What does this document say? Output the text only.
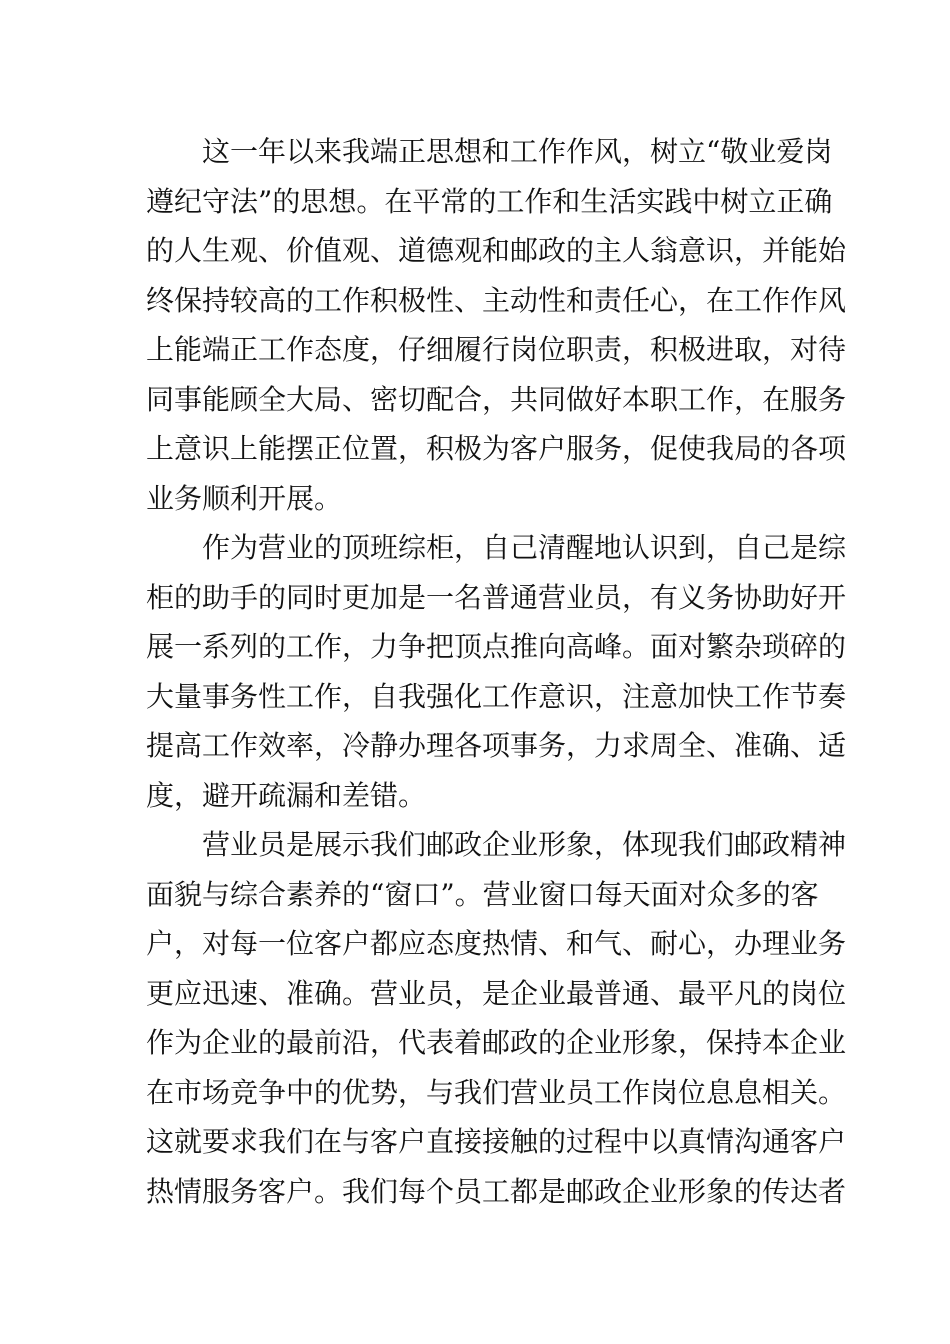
这一年以来我端正思想和工作作风，树立“敬业爱岗
遵纪守法”的思想。在平常的工作和生活实践中树立正确
的人生观、价值观、道德观和邮政的主人翁意识，并能始
终保持较高的工作积极性、主动性和责任心，在工作作风
上能端正工作态度，仔细履行岗位职责，积极进取，对待
同事能顾全大局、密切配合，共同做好本职工作，在服务
上意识上能摆正位置，积极为客户服务，促使我局的各项
业务顺利开展。

作为营业的顶班综柜，自己清醒地认识到，自己是综
柜的助手的同时更加是一名普通营业员，有义务协助好开
展一系列的工作，力争把顶点推向高峰。面对繁杂琐碎的
大量事务性工作，自我强化工作意识，注意加快工作节奏
提高工作效率，冷静办理各项事务，力求周全、准确、适
度，避开疏漏和差错。

营业员是展示我们邮政企业形象，体现我们邮政精神
面貌与综合素养的“窗口”。营业窗口每天面对众多的客
户，对每一位客户都应态度热情、和气、耐心，办理业务
更应迅速、准确。营业员，是企业最普通、最平凡的岗位
作为企业的最前沿，代表着邮政的企业形象，保持本企业
在市场竞争中的优势，与我们营业员工作岗位息息相关。
这就要求我们在与客户直接接触的过程中以真情沟通客户
热情服务客户。我们每个员工都是邮政企业形象的传达者
